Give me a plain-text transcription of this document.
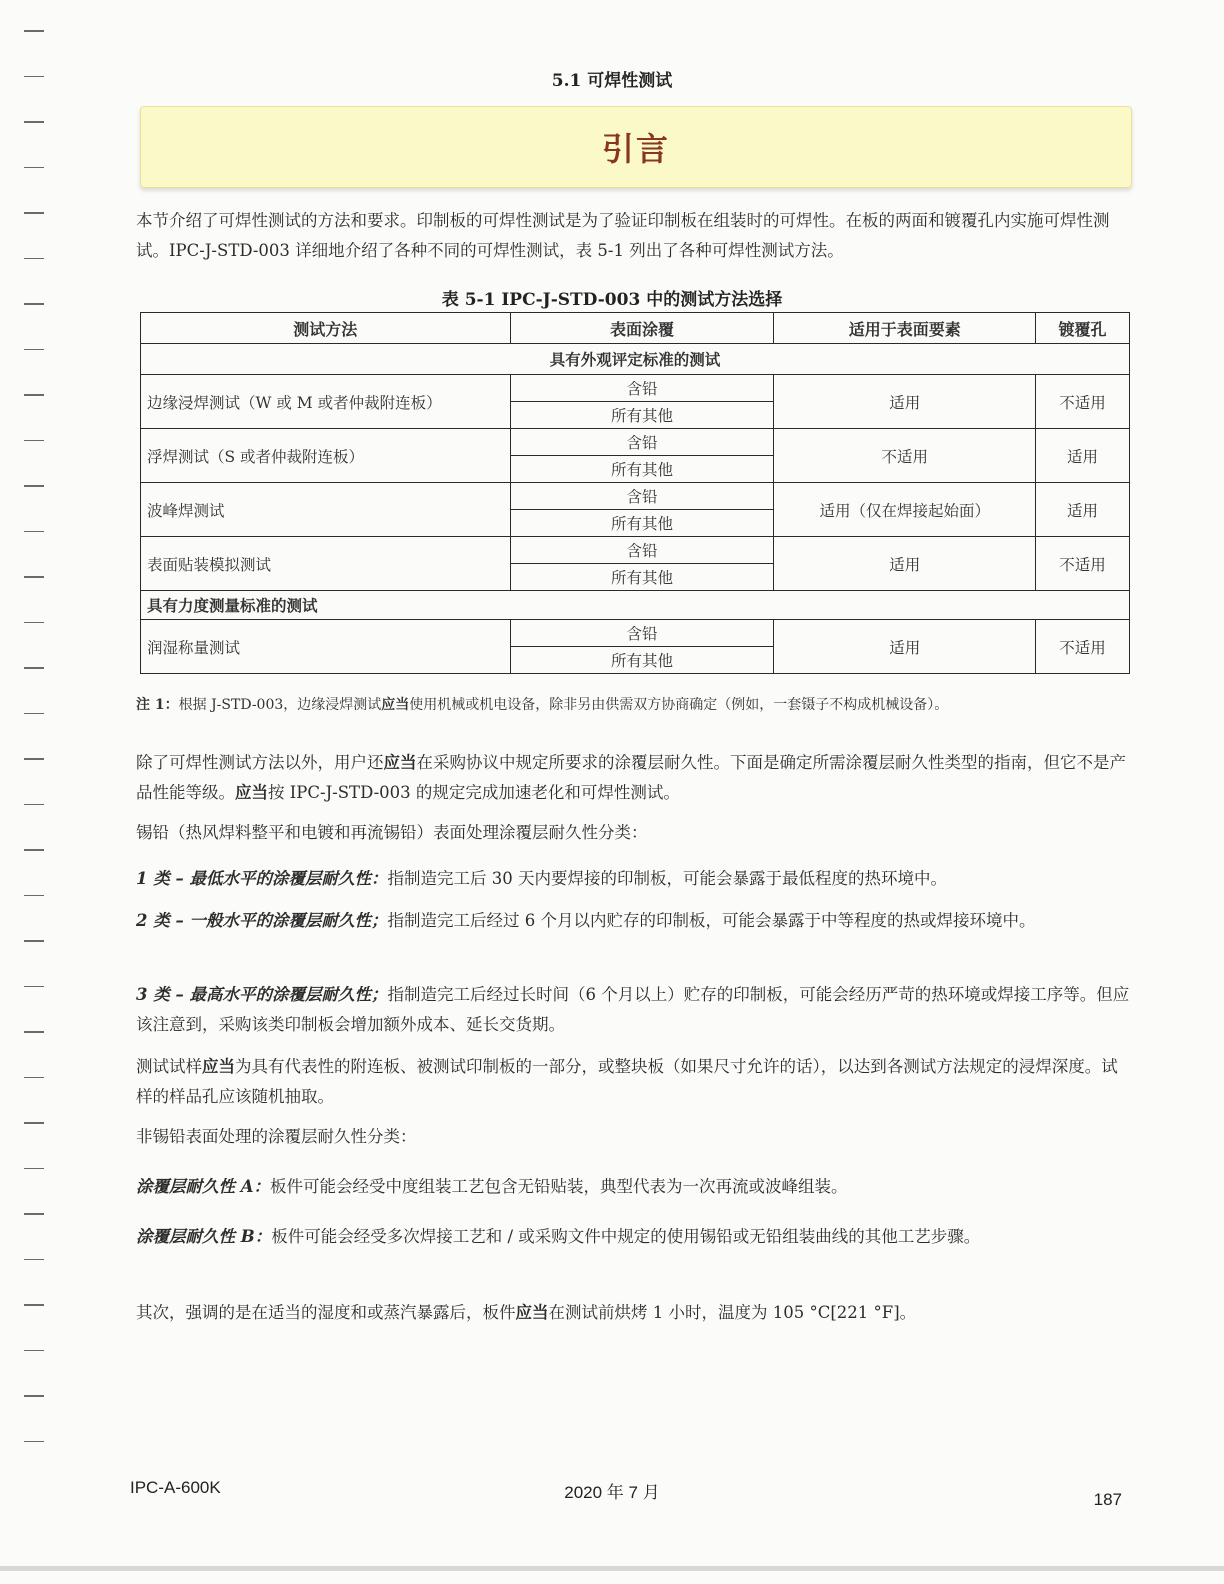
5.1 可焊性测试
引言
本节介绍了可焊性测试的方法和要求。印制板的可焊性测试是为了验证印制板在组装时的可焊性。在板的两面和镀覆孔内实施可焊性测试。IPC-J-STD-003 详细地介绍了各种不同的可焊性测试，表 5-1 列出了各种可焊性测试方法。
表 5-1 IPC-J-STD-003 中的测试方法选择
测试方法	表面涂覆	适用于表面要素	镀覆孔
具有外观评定标准的测试			
边缘浸焊测试（W 或 M 或者仲裁附连板）	含铅	适用	不适用
	所有其他		
浮焊测试（S 或者仲裁附连板）	含铅	不适用	适用
	所有其他		
波峰焊测试	含铅	适用（仅在焊接起始面）	适用
	所有其他		
表面贴装模拟测试	含铅	适用	不适用
	所有其他		
具有力度测量标准的测试			
润湿称量测试	含铅	适用	不适用
	所有其他		
注 1：根据 J-STD-003，边缘浸焊测试应当使用机械或机电设备，除非另由供需双方协商确定（例如，一套镊子不构成机械设备）。
除了可焊性测试方法以外，用户还应当在采购协议中规定所要求的涂覆层耐久性。下面是确定所需涂覆层耐久性类型的指南，但它不是产品性能等级。应当按 IPC-J-STD-003 的规定完成加速老化和可焊性测试。
锡铅（热风焊料整平和电镀和再流锡铅）表面处理涂覆层耐久性分类：
1 类 – 最低水平的涂覆层耐久性：指制造完工后 30 天内要焊接的印制板，可能会暴露于最低程度的热环境中。
2 类 – 一般水平的涂覆层耐久性；指制造完工后经过 6 个月以内贮存的印制板，可能会暴露于中等程度的热或焊接环境中。
3 类 – 最高水平的涂覆层耐久性；指制造完工后经过长时间（6 个月以上）贮存的印制板，可能会经历严苛的热环境或焊接工序等。但应该注意到，采购该类印制板会增加额外成本、延长交货期。
测试试样应当为具有代表性的附连板、被测试印制板的一部分，或整块板（如果尺寸允许的话），以达到各测试方法规定的浸焊深度。试样的样品孔应该随机抽取。
非锡铅表面处理的涂覆层耐久性分类：
涂覆层耐久性 A：板件可能会经受中度组装工艺包含无铅贴装，典型代表为一次再流或波峰组装。
涂覆层耐久性 B：板件可能会经受多次焊接工艺和 / 或采购文件中规定的使用锡铅或无铅组装曲线的其他工艺步骤。
其次，强调的是在适当的湿度和或蒸汽暴露后，板件应当在测试前烘烤 1 小时，温度为 105 °C[221 °F]。
IPC-A-600K	2020 年 7 月	187
